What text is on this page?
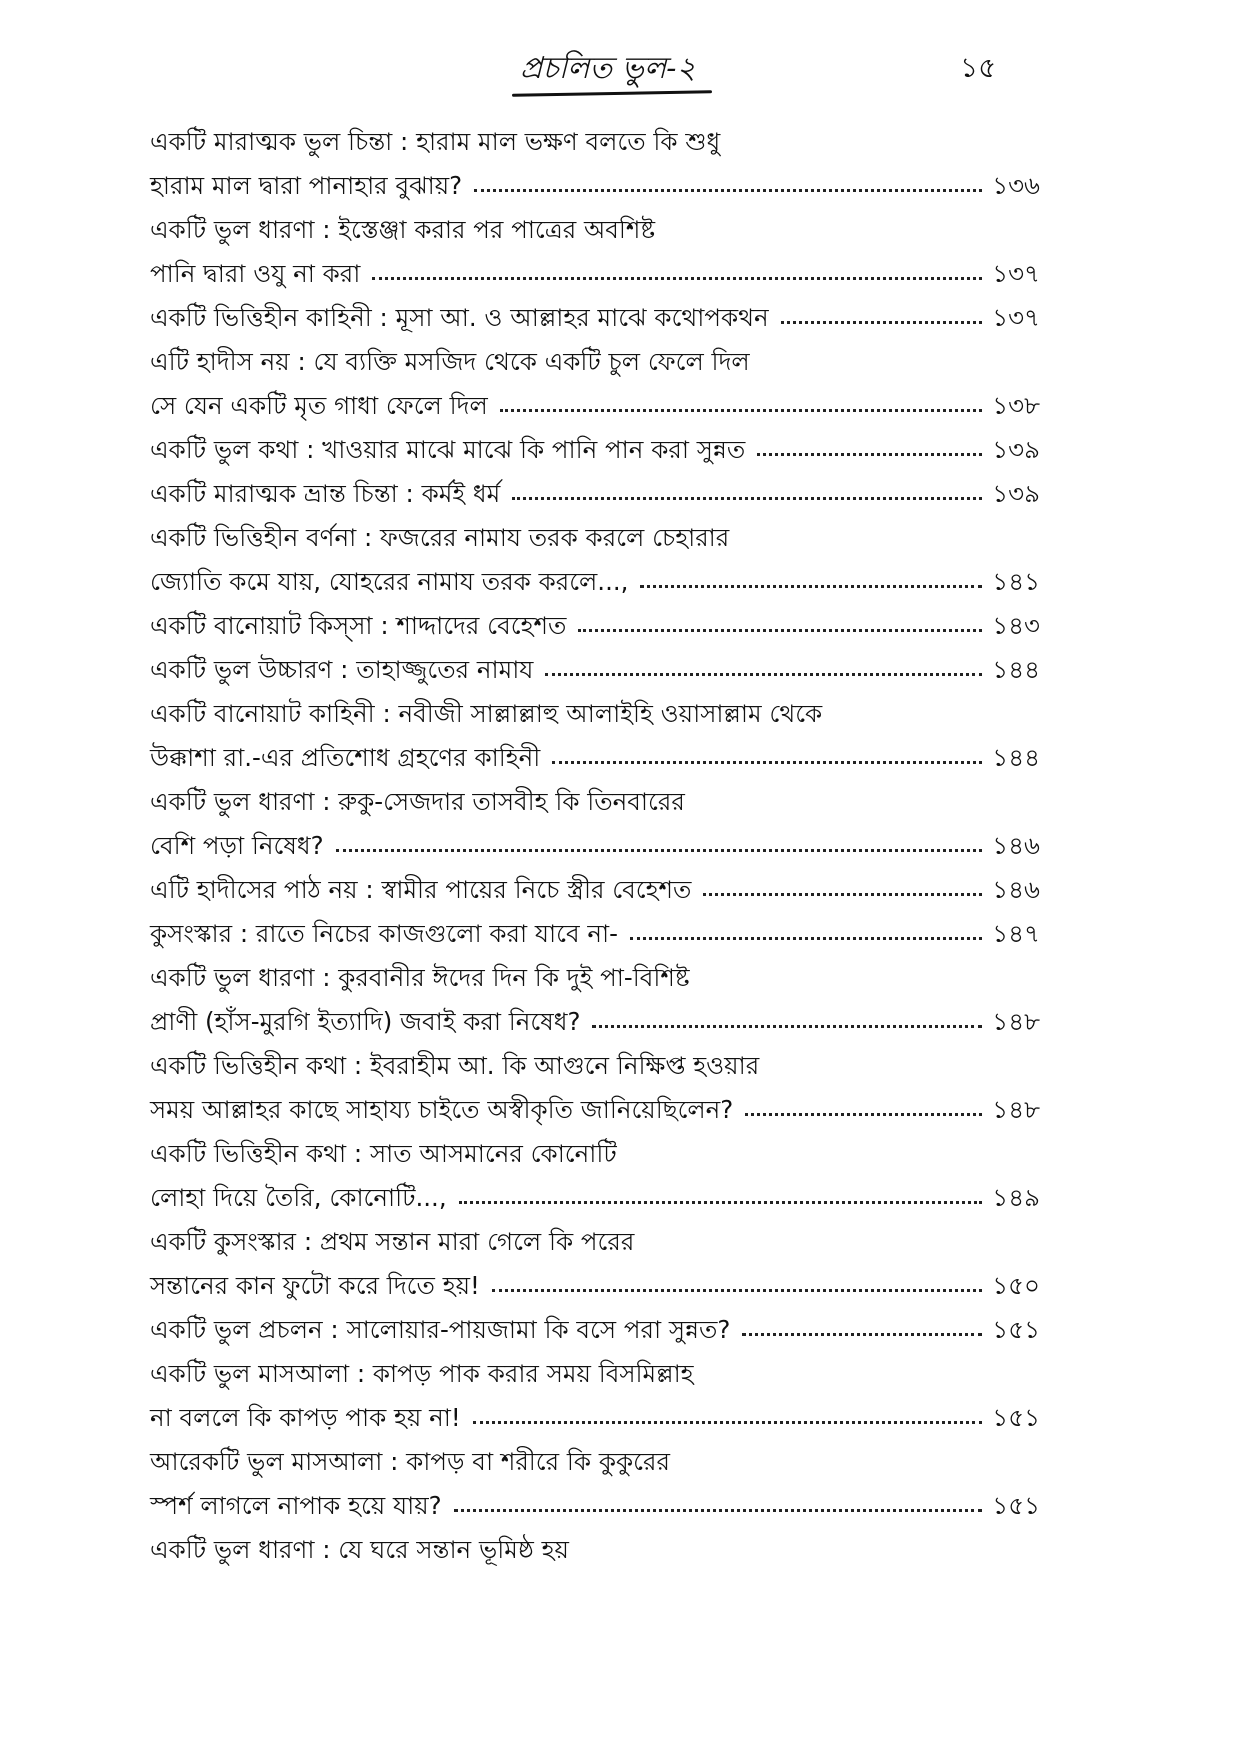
প্রচলিত ভুল-২	১৫
একটি মারাত্মক ভুল চিন্তা : হারাম মাল ভক্ষণ বলতে কি শুধু
হারাম মাল দ্বারা পানাহার বুঝায়?	১৩৬
একটি ভুল ধারণা : ইস্তেঞ্জা করার পর পাত্রের অবশিষ্ট
পানি দ্বারা ওযু না করা	১৩৭
একটি ভিত্তিহীন কাহিনী : মূসা আ. ও আল্লাহর মাঝে কথোপকথন	১৩৭
এটি হাদীস নয় : যে ব্যক্তি মসজিদ থেকে একটি চুল ফেলে দিল
সে যেন একটি মৃত গাধা ফেলে দিল	১৩৮
একটি ভুল কথা : খাওয়ার মাঝে মাঝে কি পানি পান করা সুন্নত	১৩৯
একটি মারাত্মক ভ্রান্ত চিন্তা : কর্মই ধর্ম	১৩৯
একটি ভিত্তিহীন বর্ণনা : ফজরের নামায তরক করলে চেহারার
জ্যোতি কমে যায়, যোহরের নামায তরক করলে...,	১৪১
একটি বানোয়াট কিস্সা : শাদ্দাদের বেহেশত	১৪৩
একটি ভুল উচ্চারণ : তাহাজ্জুতের নামায	১৪৪
একটি বানোয়াট কাহিনী : নবীজী সাল্লাল্লাহু আলাইহি ওয়াসাল্লাম থেকে
উক্কাশা রা.-এর প্রতিশোধ গ্রহণের কাহিনী	১৪৪
একটি ভুল ধারণা : রুকু-সেজদার তাসবীহ কি তিনবারের
বেশি পড়া নিষেধ?	১৪৬
এটি হাদীসের পাঠ নয় : স্বামীর পায়ের নিচে স্ত্রীর বেহেশত	১৪৬
কুসংস্কার : রাতে নিচের কাজগুলো করা যাবে না-	১৪৭
একটি ভুল ধারণা : কুরবানীর ঈদের দিন কি দুই পা-বিশিষ্ট
প্রাণী (হাঁস-মুরগি ইত্যাদি) জবাই করা নিষেধ?	১৪৮
একটি ভিত্তিহীন কথা : ইবরাহীম আ. কি আগুনে নিক্ষিপ্ত হওয়ার
সময় আল্লাহর কাছে সাহায্য চাইতে অস্বীকৃতি জানিয়েছিলেন?	১৪৮
একটি ভিত্তিহীন কথা : সাত আসমানের কোনোটি
লোহা দিয়ে তৈরি, কোনোটি...,	১৪৯
একটি কুসংস্কার : প্রথম সন্তান মারা গেলে কি পরের
সন্তানের কান ফুটো করে দিতে হয়!	১৫০
একটি ভুল প্রচলন : সালোয়ার-পায়জামা কি বসে পরা সুন্নত?	১৫১
একটি ভুল মাসআলা : কাপড় পাক করার সময় বিসমিল্লাহ
না বললে কি কাপড় পাক হয় না!	১৫১
আরেকটি ভুল মাসআলা : কাপড় বা শরীরে কি কুকুরের
স্পর্শ লাগলে নাপাক হয়ে যায়?	১৫১
একটি ভুল ধারণা : যে ঘরে সন্তান ভূমিষ্ঠ হয়
